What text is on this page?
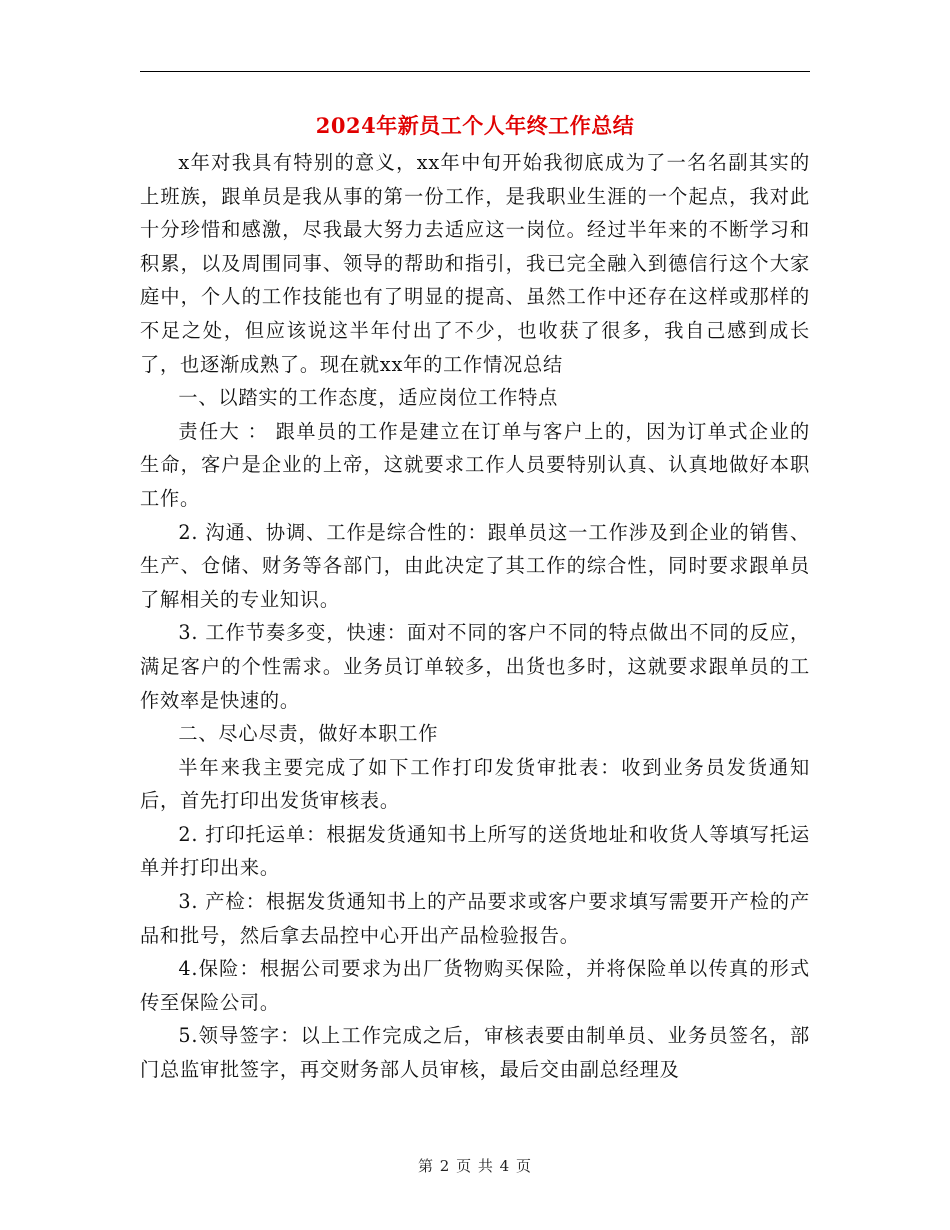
2024年新员工个人年终工作总结

x年对我具有特别的意义，xx年中旬开始我彻底成为了一名名副其实的上班族，跟单员是我从事的第一份工作，是我职业生涯的一个起点，我对此十分珍惜和感激，尽我最大努力去适应这一岗位。经过半年来的不断学习和积累，以及周围同事、领导的帮助和指引，我已完全融入到德信行这个大家庭中，个人的工作技能也有了明显的提高、虽然工作中还存在这样或那样的不足之处，但应该说这半年付出了不少，也收获了很多，我自己感到成长了，也逐渐成熟了。现在就xx年的工作情况总结

一、以踏实的工作态度，适应岗位工作特点

责任大 ： 跟单员的工作是建立在订单与客户上的，因为订单式企业的生命，客户是企业的上帝，这就要求工作人员要特别认真、认真地做好本职工作。

2. 沟通、协调、工作是综合性的：跟单员这一工作涉及到企业的销售、生产、仓储、财务等各部门，由此决定了其工作的综合性，同时要求跟单员了解相关的专业知识。

3. 工作节奏多变，快速：面对不同的客户不同的特点做出不同的反应，满足客户的个性需求。业务员订单较多，出货也多时，这就要求跟单员的工作效率是快速的。

二、尽心尽责，做好本职工作

半年来我主要完成了如下工作打印发货审批表：收到业务员发货通知后，首先打印出发货审核表。

2. 打印托运单：根据发货通知书上所写的送货地址和收货人等填写托运单并打印出来。

3. 产检：根据发货通知书上的产品要求或客户要求填写需要开产检的产品和批号，然后拿去品控中心开出产品检验报告。

4.保险：根据公司要求为出厂货物购买保险，并将保险单以传真的形式传至保险公司。

5.领导签字：以上工作完成之后，审核表要由制单员、业务员签名，部门总监审批签字，再交财务部人员审核，最后交由副总经理及

第 2 页 共 4 页
